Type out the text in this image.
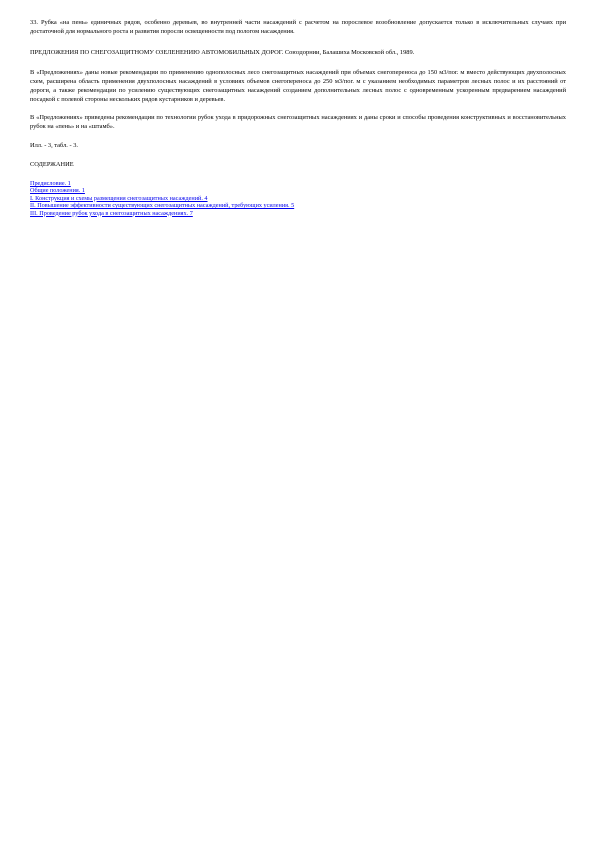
33. Рубка «на пень» единичных рядов, особенно деревьев, во внутренней части насаждений с расчетом на порослевое возобновление допускается только в исключительных случаях при достаточной для нормального роста и развития поросли освещенности под пологом насаждения.

ПРЕДЛОЖЕНИЯ ПО СНЕГОЗАЩИТНОМУ ОЗЕЛЕНЕНИЮ АВТОМОБИЛЬНЫХ ДОРОГ. Союздорнии, Балашиха Московской обл., 1989.

В «Предложениях» даны новые рекомендации по применению однополосных лесо снегозащитных насаждений при объемах снегопереноса до 150 м3/пог. м вместо действующих двухполосных схем, расширена область применения двухполосных насаждений в условиях объемов снегопереноса до 250 м3/пог. м с указанием необходимых параметров лесных полос и их расстояний от дороги, а также рекомендации по усилению существующих снегозащитных насаждений созданием дополнительных лесных полос с одновременным ускоренным предварением насаждений посадкой с полевой стороны нескольких рядов кустарников и деревьев.

В «Предложениях» приведены рекомендации по технологии рубок ухода в придорожных снегозащитных насаждениях и даны сроки и способы проведения конструктивных и восстановительных рубок на «пень» и на «штамб».

Илл. - 3, табл. - 3.

СОДЕРЖАНИЕ
Предисловие. 1
Общие положения. 1
I. Конструкция и схемы размещения снегозащитных насаждений. 4
II. Повышение эффективности существующих снегозащитных насаждений, требующих усиления. 5
III. Проведение рубок ухода в снегозащитных насаждениях. 7
